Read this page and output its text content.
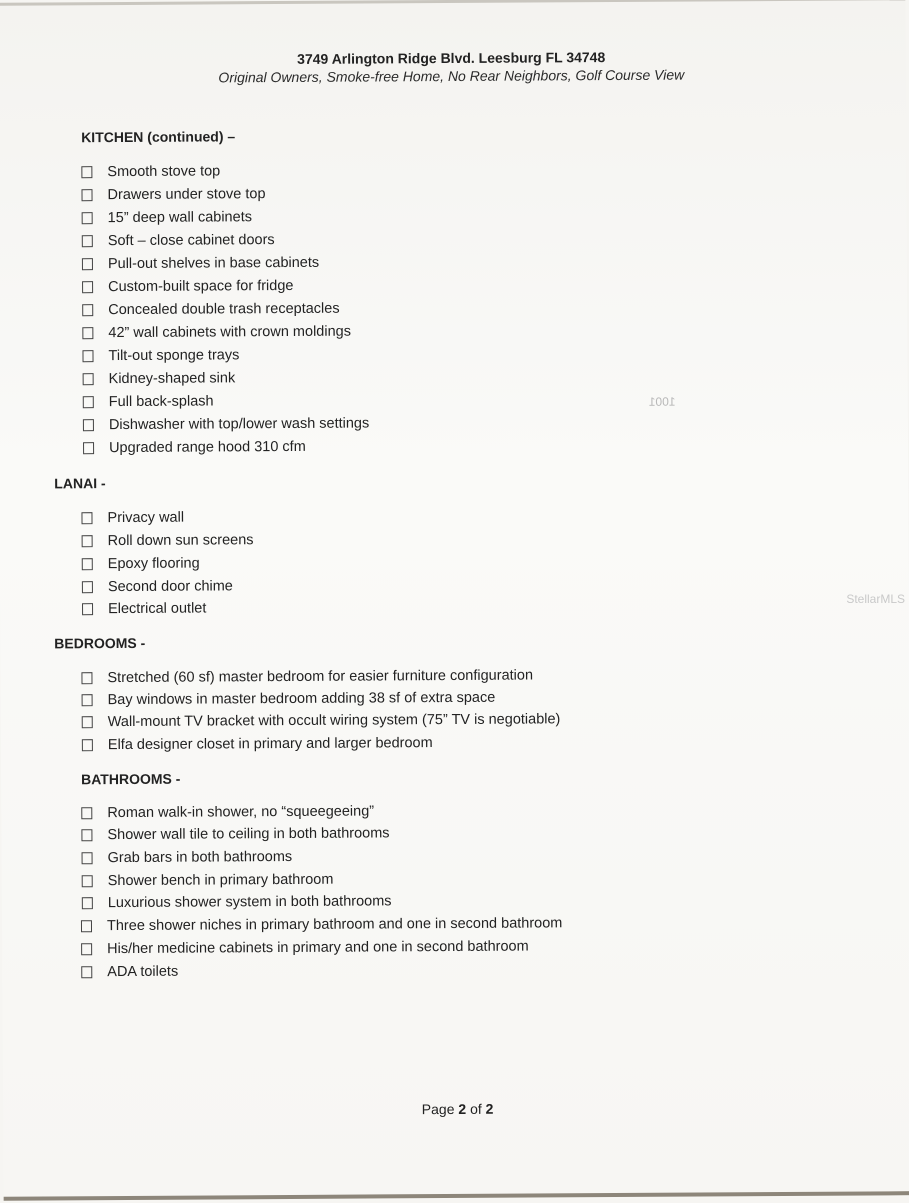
3749 Arlington Ridge Blvd. Leesburg FL 34748
Original Owners, Smoke-free Home, No Rear Neighbors, Golf Course View
KITCHEN (continued) –
Smooth stove top
Drawers under stove top
15” deep wall cabinets
Soft – close cabinet doors
Pull-out shelves in base cabinets
Custom-built space for fridge
Concealed double trash receptacles
42” wall cabinets with crown moldings
Tilt-out sponge trays
Kidney-shaped sink
Full back-splash
Dishwasher with top/lower wash settings
Upgraded range hood 310 cfm
1001
LANAI -
Privacy wall
Roll down sun screens
Epoxy flooring
Second door chime
Electrical outlet
BEDROOMS -
Stretched (60 sf) master bedroom for easier furniture configuration
Bay windows in master bedroom adding 38 sf of extra space
Wall-mount TV bracket with occult wiring system (75” TV is negotiable)
Elfa designer closet in primary and larger bedroom
BATHROOMS -
Roman walk-in shower, no “squeegeeing”
Shower wall tile to ceiling in both bathrooms
Grab bars in both bathrooms
Shower bench in primary bathroom
Luxurious shower system in both bathrooms
Three shower niches in primary bathroom and one in second bathroom
His/her medicine cabinets in primary and one in second bathroom
ADA toilets
Page 2 of 2
StellarMLS
